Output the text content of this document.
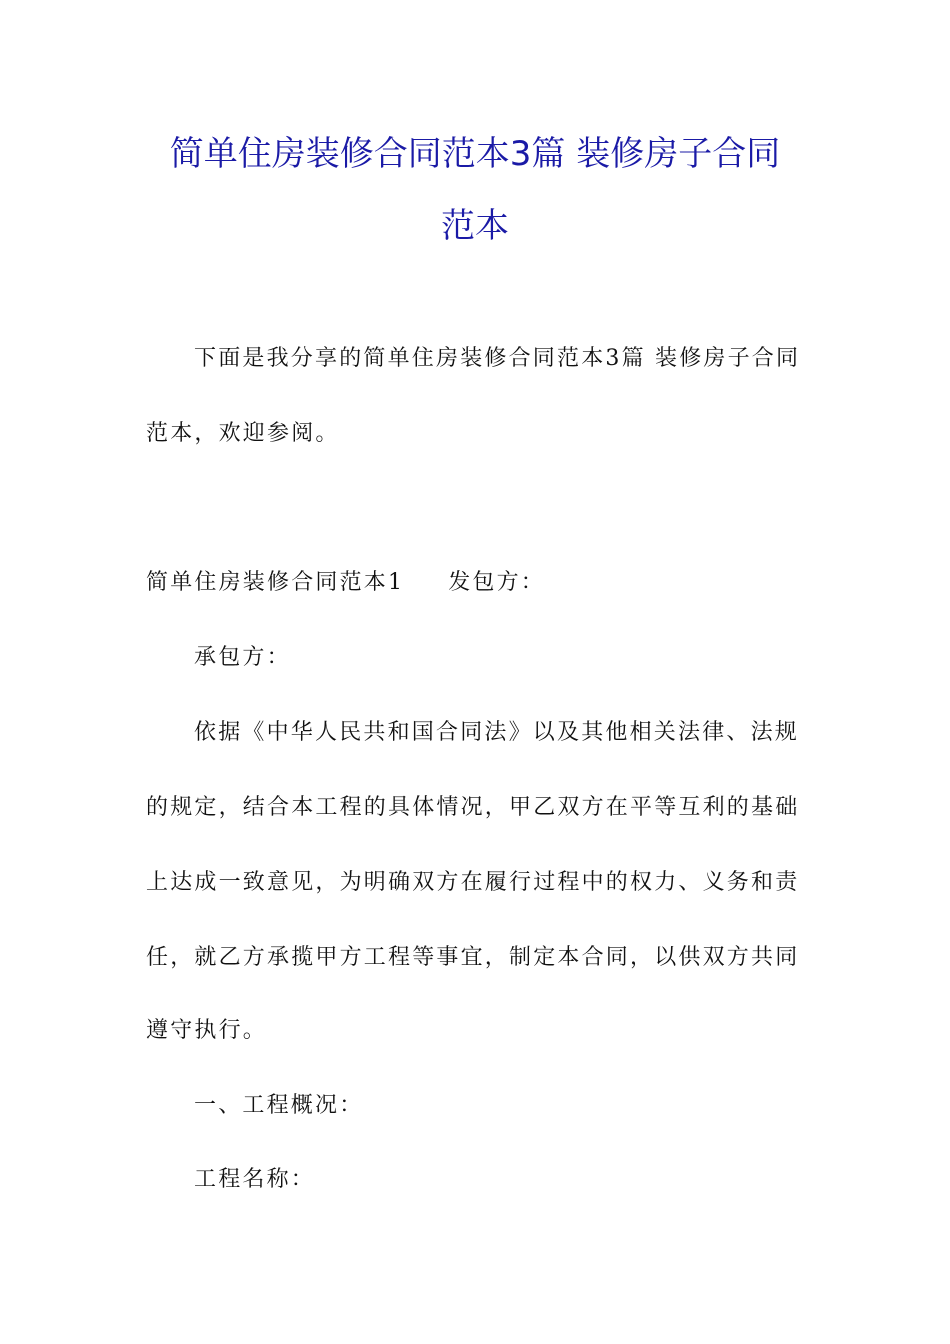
简单住房装修合同范本3篇 装修房子合同
范本
下面是我分享的简单住房装修合同范本3篇 装修房子合同
范本，欢迎参阅。
简单住房装修合同范本1 发包方：
承包方：
依据《中华人民共和国合同法》以及其他相关法律、法规
的规定，结合本工程的具体情况，甲乙双方在平等互利的基础
上达成一致意见，为明确双方在履行过程中的权力、义务和责
任，就乙方承揽甲方工程等事宜，制定本合同，以供双方共同
遵守执行。
一、工程概况：
工程名称：
